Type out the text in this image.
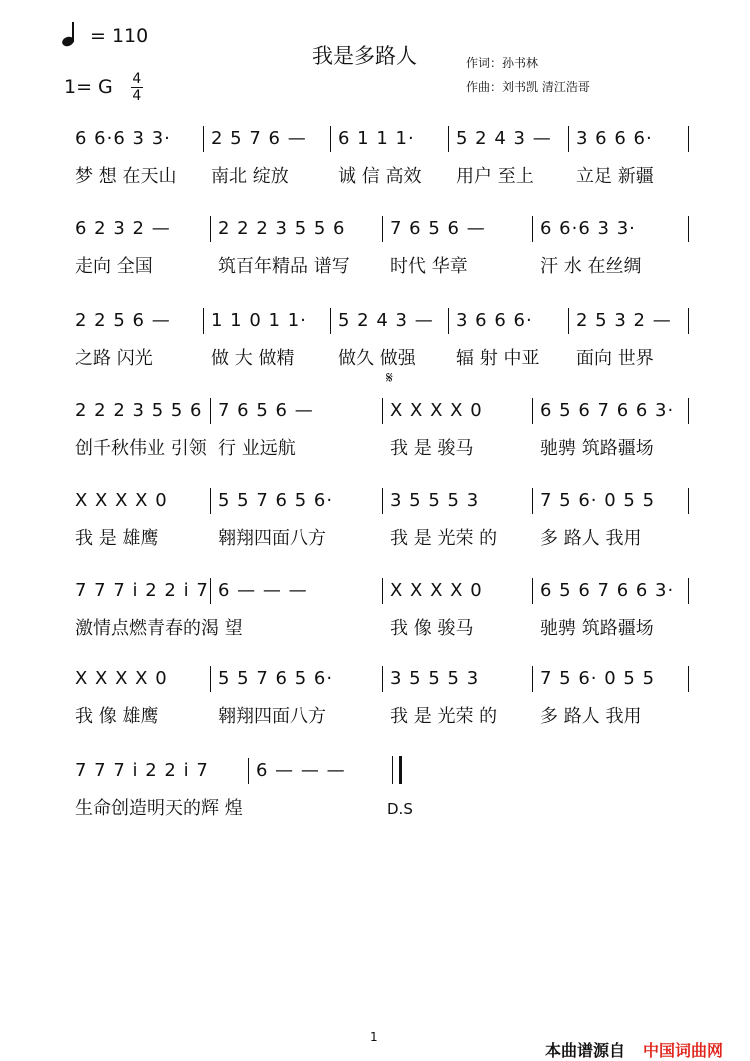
= 110
我是多路人	作词：孙书林
作曲：刘书凯 清江浩哥
1= G $\frac{4}{4}$
6 6·6 3 3·
梦 想 在天山
2 5 7 6 —
南北 绽放
6 1 1 1·
诚 信 高效
5 2 4 3 —
用户 至上
3 6 6 6·
立足 新疆
6 2 3 2 —
走向 全国
2 2 2 3 5 5 6
筑百年精品 谱写
7 6 5 6 —
时代 华章
6 6·6 3 3·
汗 水 在丝绸
2 2 5 6 —
之路 闪光
1 1 0 1 1·
做 大 做精
5 2 4 3 —
做久 做强
3 6 6 6·
辐 射 中亚
2 5 3 2 —
面向 世界
2 2 2 3 5 5 6
创千秋伟业 引领
7 6 5 6 —
行 业远航
X X X X 0
我 是 骏马
6 5 6 7 6 6 3·
驰骋 筑路疆场
X X X X 0
我 是 雄鹰
5 5 7 6 5 6·
翱翔四面八方
3 5 5 5 3
我 是 光荣 的
7 5 6· 0 5 5
多 路人 我用
7 7 7 i 2 2 i 7
激情点燃青春的渴 望
6 — — —	X X X X 0
我 像 骏马
6 5 6 7 6 6 3·
驰骋 筑路疆场
X X X X 0
我 像 雄鹰
5 5 7 6 5 6·
翱翔四面八方
3 5 5 5 3
我 是 光荣 的
7 5 6· 0 5 5
多 路人 我用
7 7 7 i 2 2 i 7
生命创造明天的辉 煌
6 — — —
𝄋
D.S
1
本曲谱源自 中国词曲网
